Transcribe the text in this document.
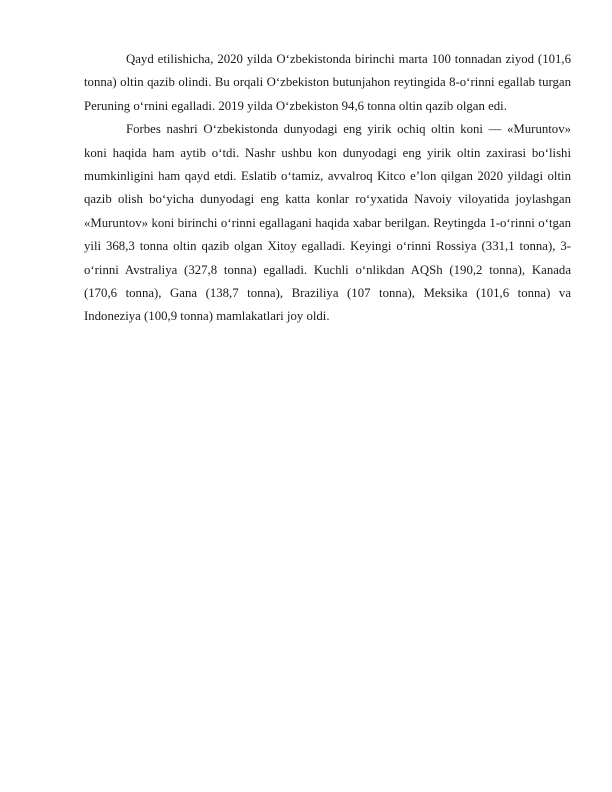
Qayd etilishicha, 2020 yilda O‘zbekistonda birinchi marta 100 tonnadan ziyod (101,6 tonna) oltin qazib olindi. Bu orqali O‘zbekiston butunjahon reytingida 8-o‘rinni egallab turgan Peruning o‘rnini egalladi. 2019 yilda O‘zbekiston 94,6 tonna oltin qazib olgan edi.

Forbes nashri O‘zbekistonda dunyodagi eng yirik ochiq oltin koni — «Muruntov» koni haqida ham aytib o‘tdi. Nashr ushbu kon dunyodagi eng yirik oltin zaxirasi bo‘lishi mumkinligini ham qayd etdi. Eslatib o‘tamiz, avvalroq Kitco e’lon qilgan 2020 yildagi oltin qazib olish bo‘yicha dunyodagi eng katta konlar ro‘yxatida Navoiy viloyatida joylashgan «Muruntov» koni birinchi o‘rinni egallagani haqida xabar berilgan. Reytingda 1-o‘rinni o‘tgan yili 368,3 tonna oltin qazib olgan Xitoy egalladi. Keyingi o‘rinni Rossiya (331,1 tonna), 3-o‘rinni Avstraliya (327,8 tonna) egalladi. Kuchli o‘nlikdan AQSh (190,2 tonna), Kanada (170,6 tonna), Gana (138,7 tonna), Braziliya (107 tonna), Meksika (101,6 tonna) va Indoneziya (100,9 tonna) mamlakatlari joy oldi.
